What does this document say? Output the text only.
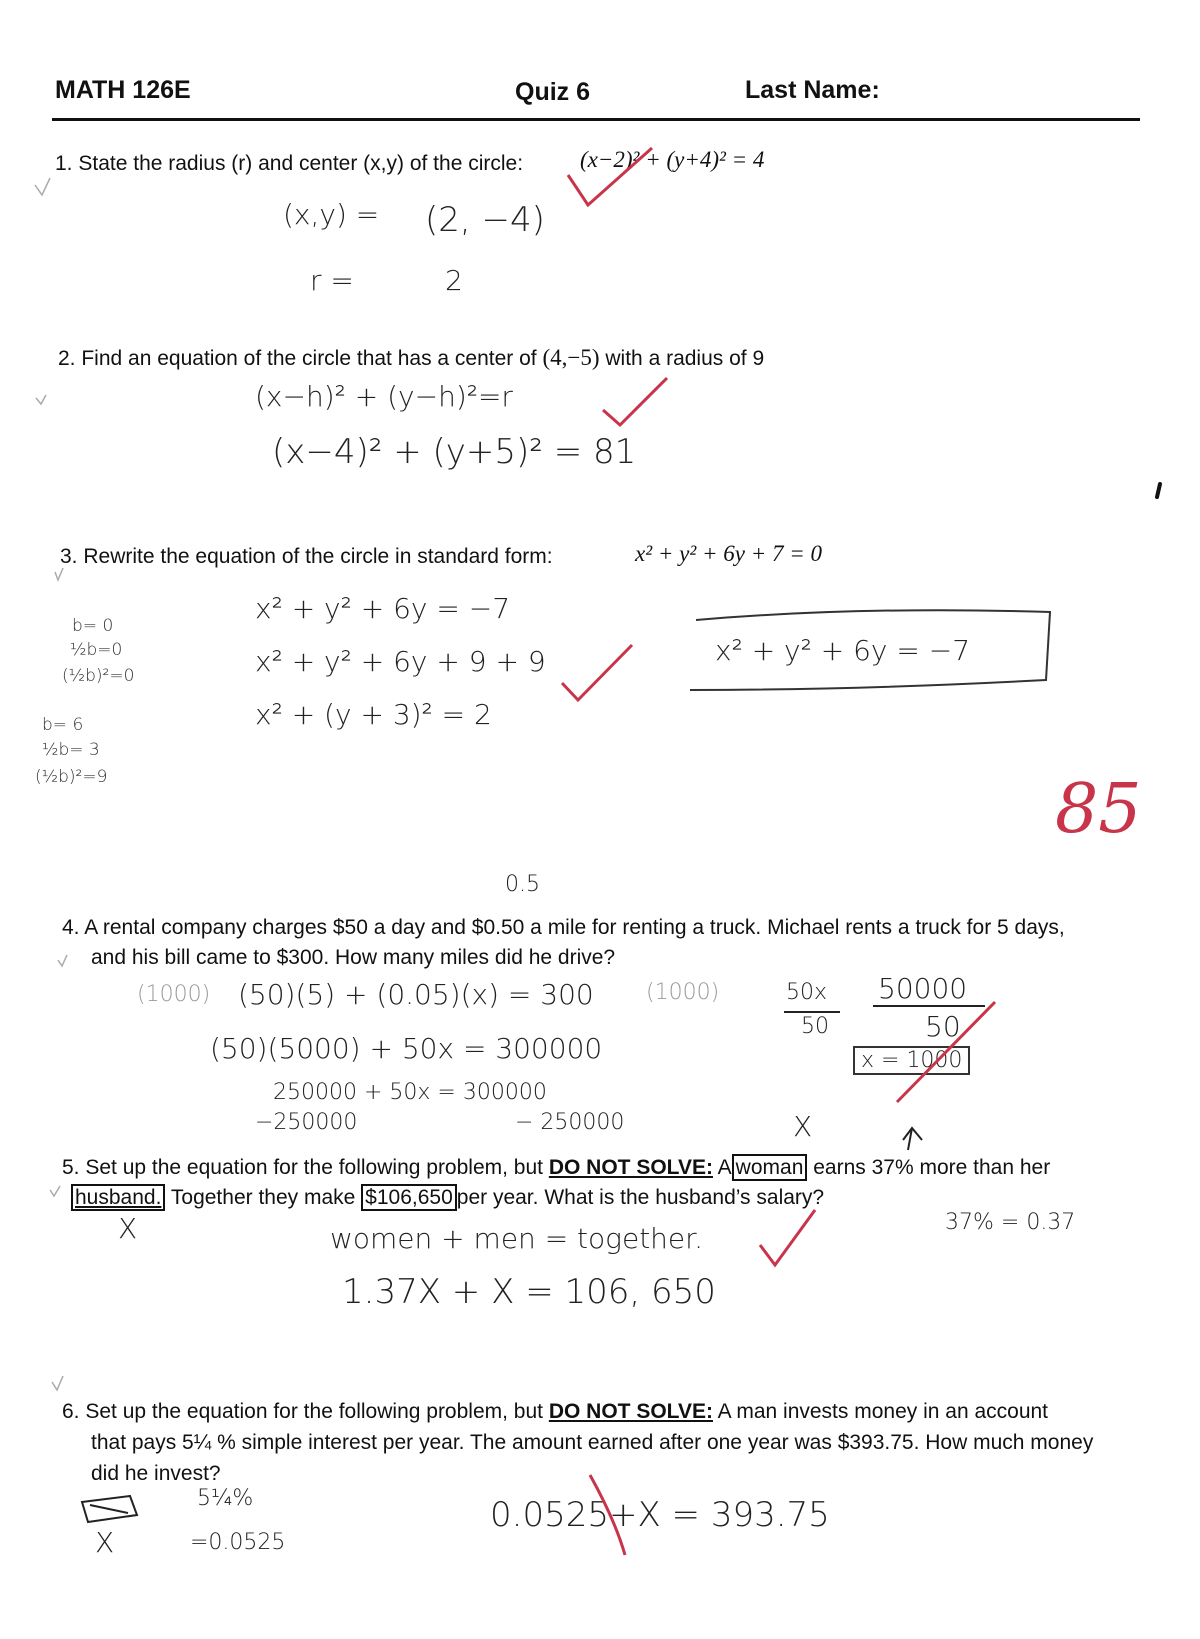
MATH 126E	Quiz 6	Last Name:
1. State the radius (r) and center (x,y) of the circle: (x−2)² + (y+4)² = 4
(x,y) = (2, −4)
r =	2
2. Find an equation of the circle that has a center of (4,−5) with a radius of 9
(x−h)² + (y−h)²=r
(x−4)² + (y+5)² = 81
3. Rewrite the equation of the circle in standard form:	x² + y² + 6y + 7 = 0
x² + y² + 6y = −7
x² + y² + 6y + 9 + 9
x² + (y + 3)² = 2
b= 0
½b=0
(½b)²=0
b= 6
½b= 3
(½b)²=9
x² + y² + 6y = −7
85
0.5
4. A rental company charges $50 a day and $0.50 a mile for renting a truck. Michael rents a truck for 5 days,
and his bill came to $300. How many miles did he drive?
(1000) (50)(5) + (0.05)(x) = 300 (1000)
(50)(5000) + 50x = 300000
250000 + 50x = 300000
−250000	− 250000
50x
50
50000
50
x = 1000
X
5. Set up the equation for the following problem, but DO NOT SOLVE: A woman earns 37% more than her
husband. Together they make $106,650 per year. What is the husband’s salary?
X	women + men = together.
1.37X + X = 106, 650
37% = 0.37
6. Set up the equation for the following problem, but DO NOT SOLVE: A man invests money in an account
that pays 5¼ % simple interest per year. The amount earned after one year was $393.75. How much money
did he invest?
5¼%
X	=0.0525
0.0525+X = 393.75
